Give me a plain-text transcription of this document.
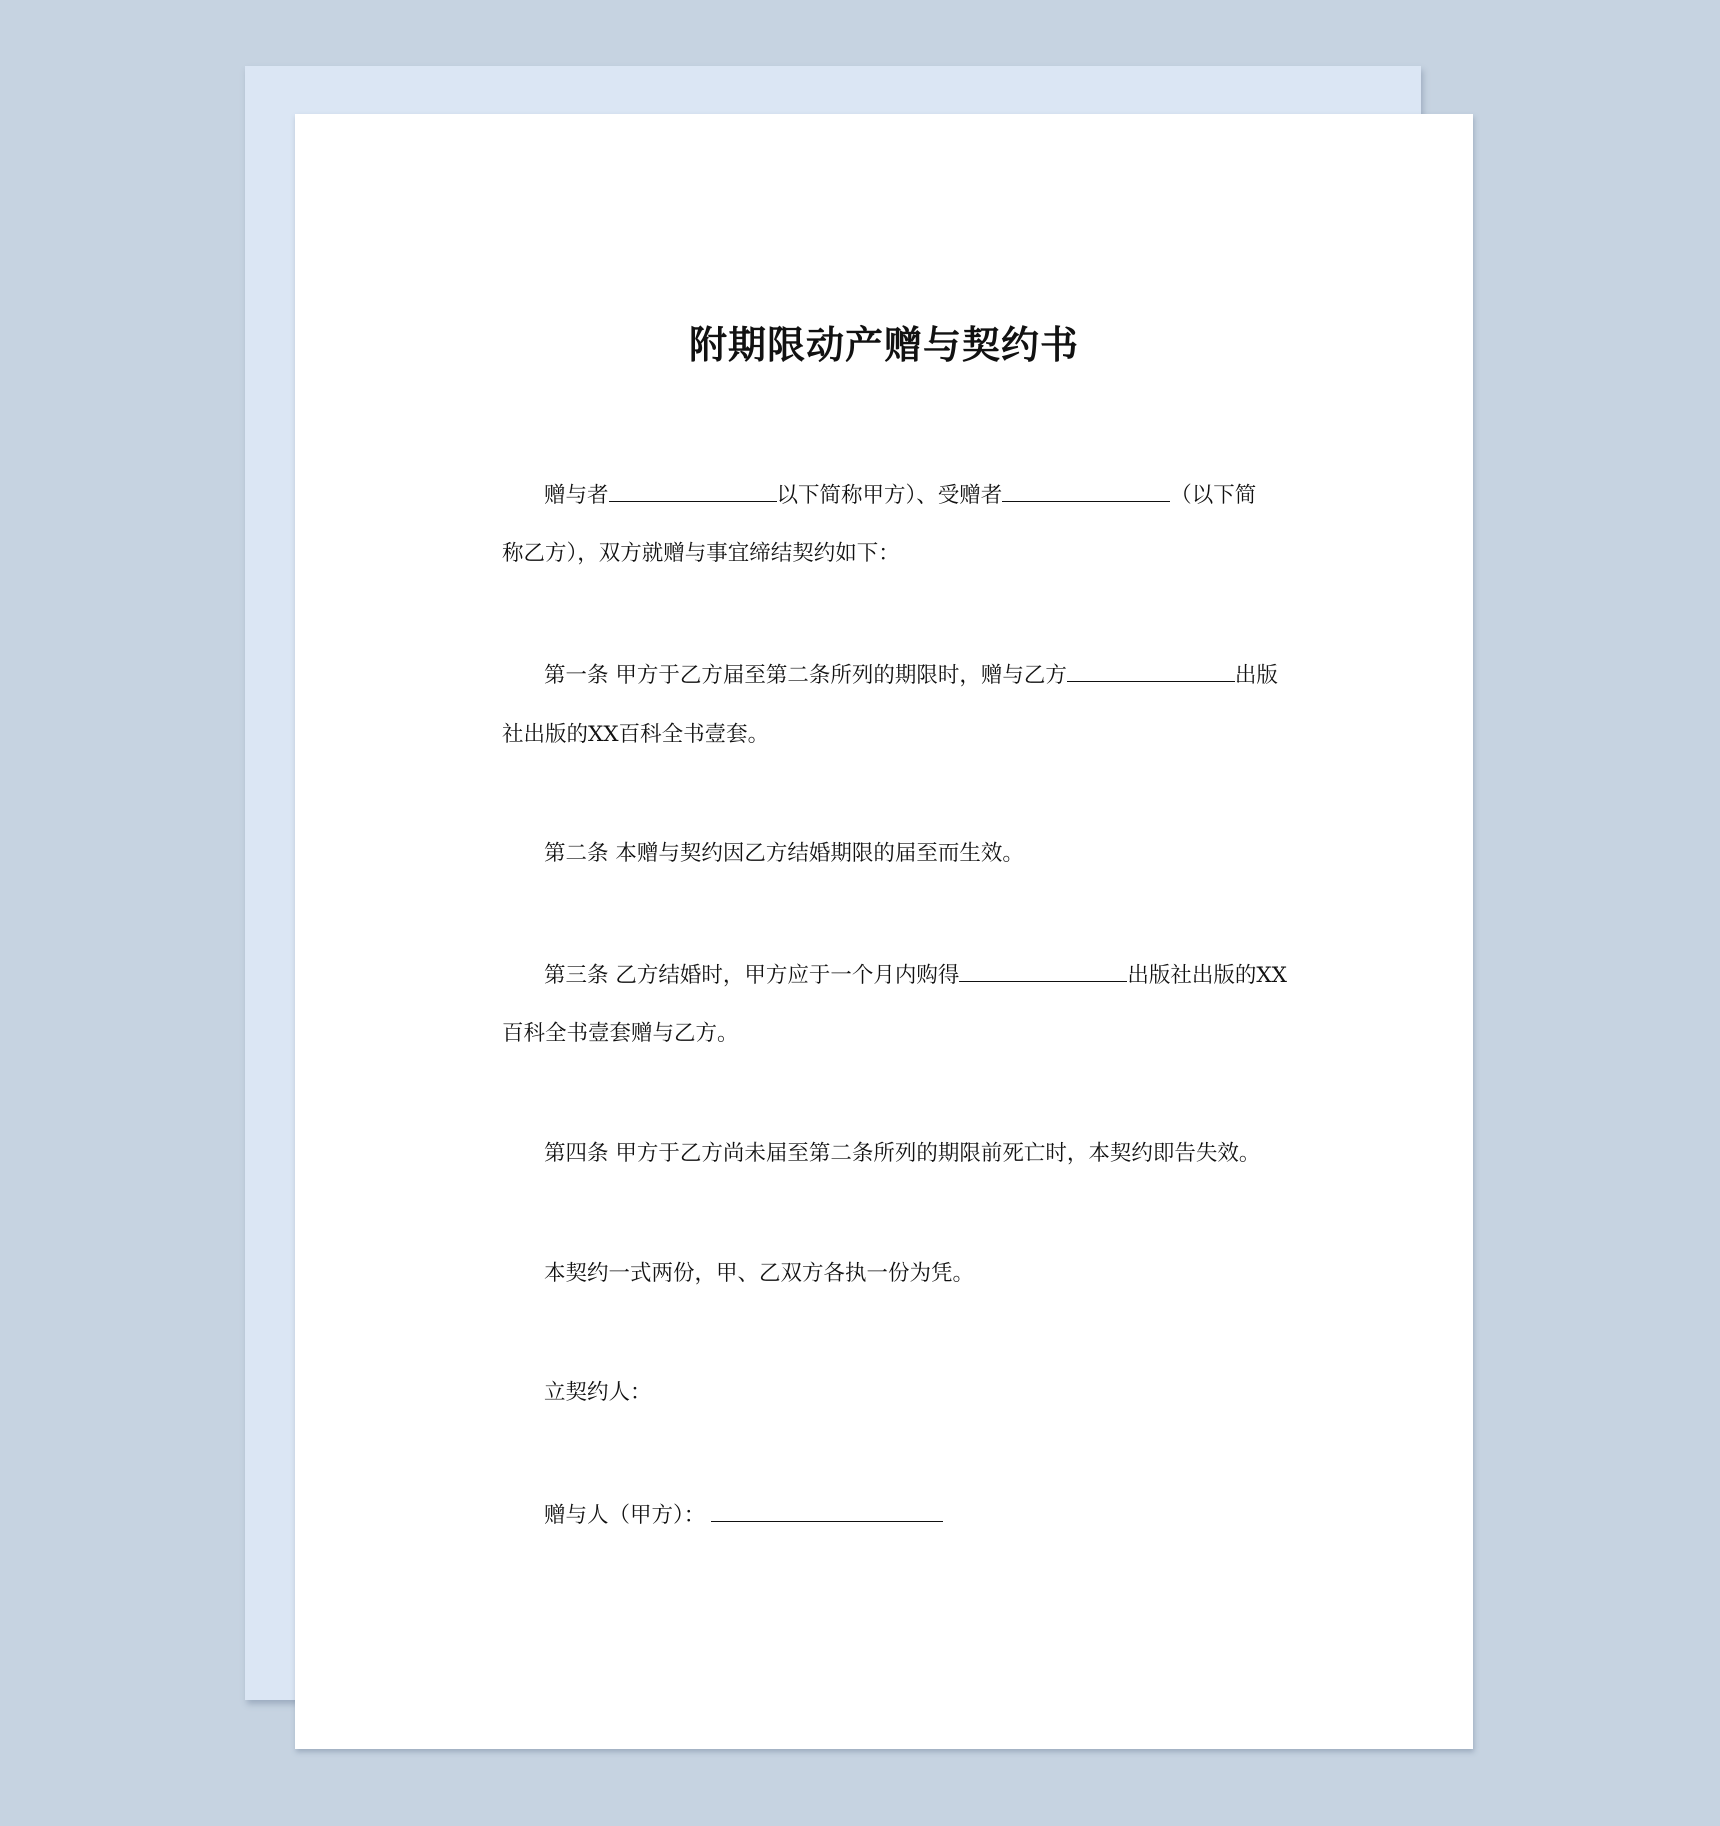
附期限动产赠与契约书
赠与者	以下简称甲方）、受赠者	（以下简
称乙方），双方就赠与事宜缔结契约如下：
第一条 甲方于乙方届至第二条所列的期限时，赠与乙方	出版
社出版的XX百科全书壹套。
第二条 本赠与契约因乙方结婚期限的届至而生效。
第三条 乙方结婚时，甲方应于一个月内购得	出版社出版的XX
百科全书壹套赠与乙方。
第四条 甲方于乙方尚未届至第二条所列的期限前死亡时，本契约即告失效。
本契约一式两份，甲、乙双方各执一份为凭。
立契约人：
赠与人（甲方）：
